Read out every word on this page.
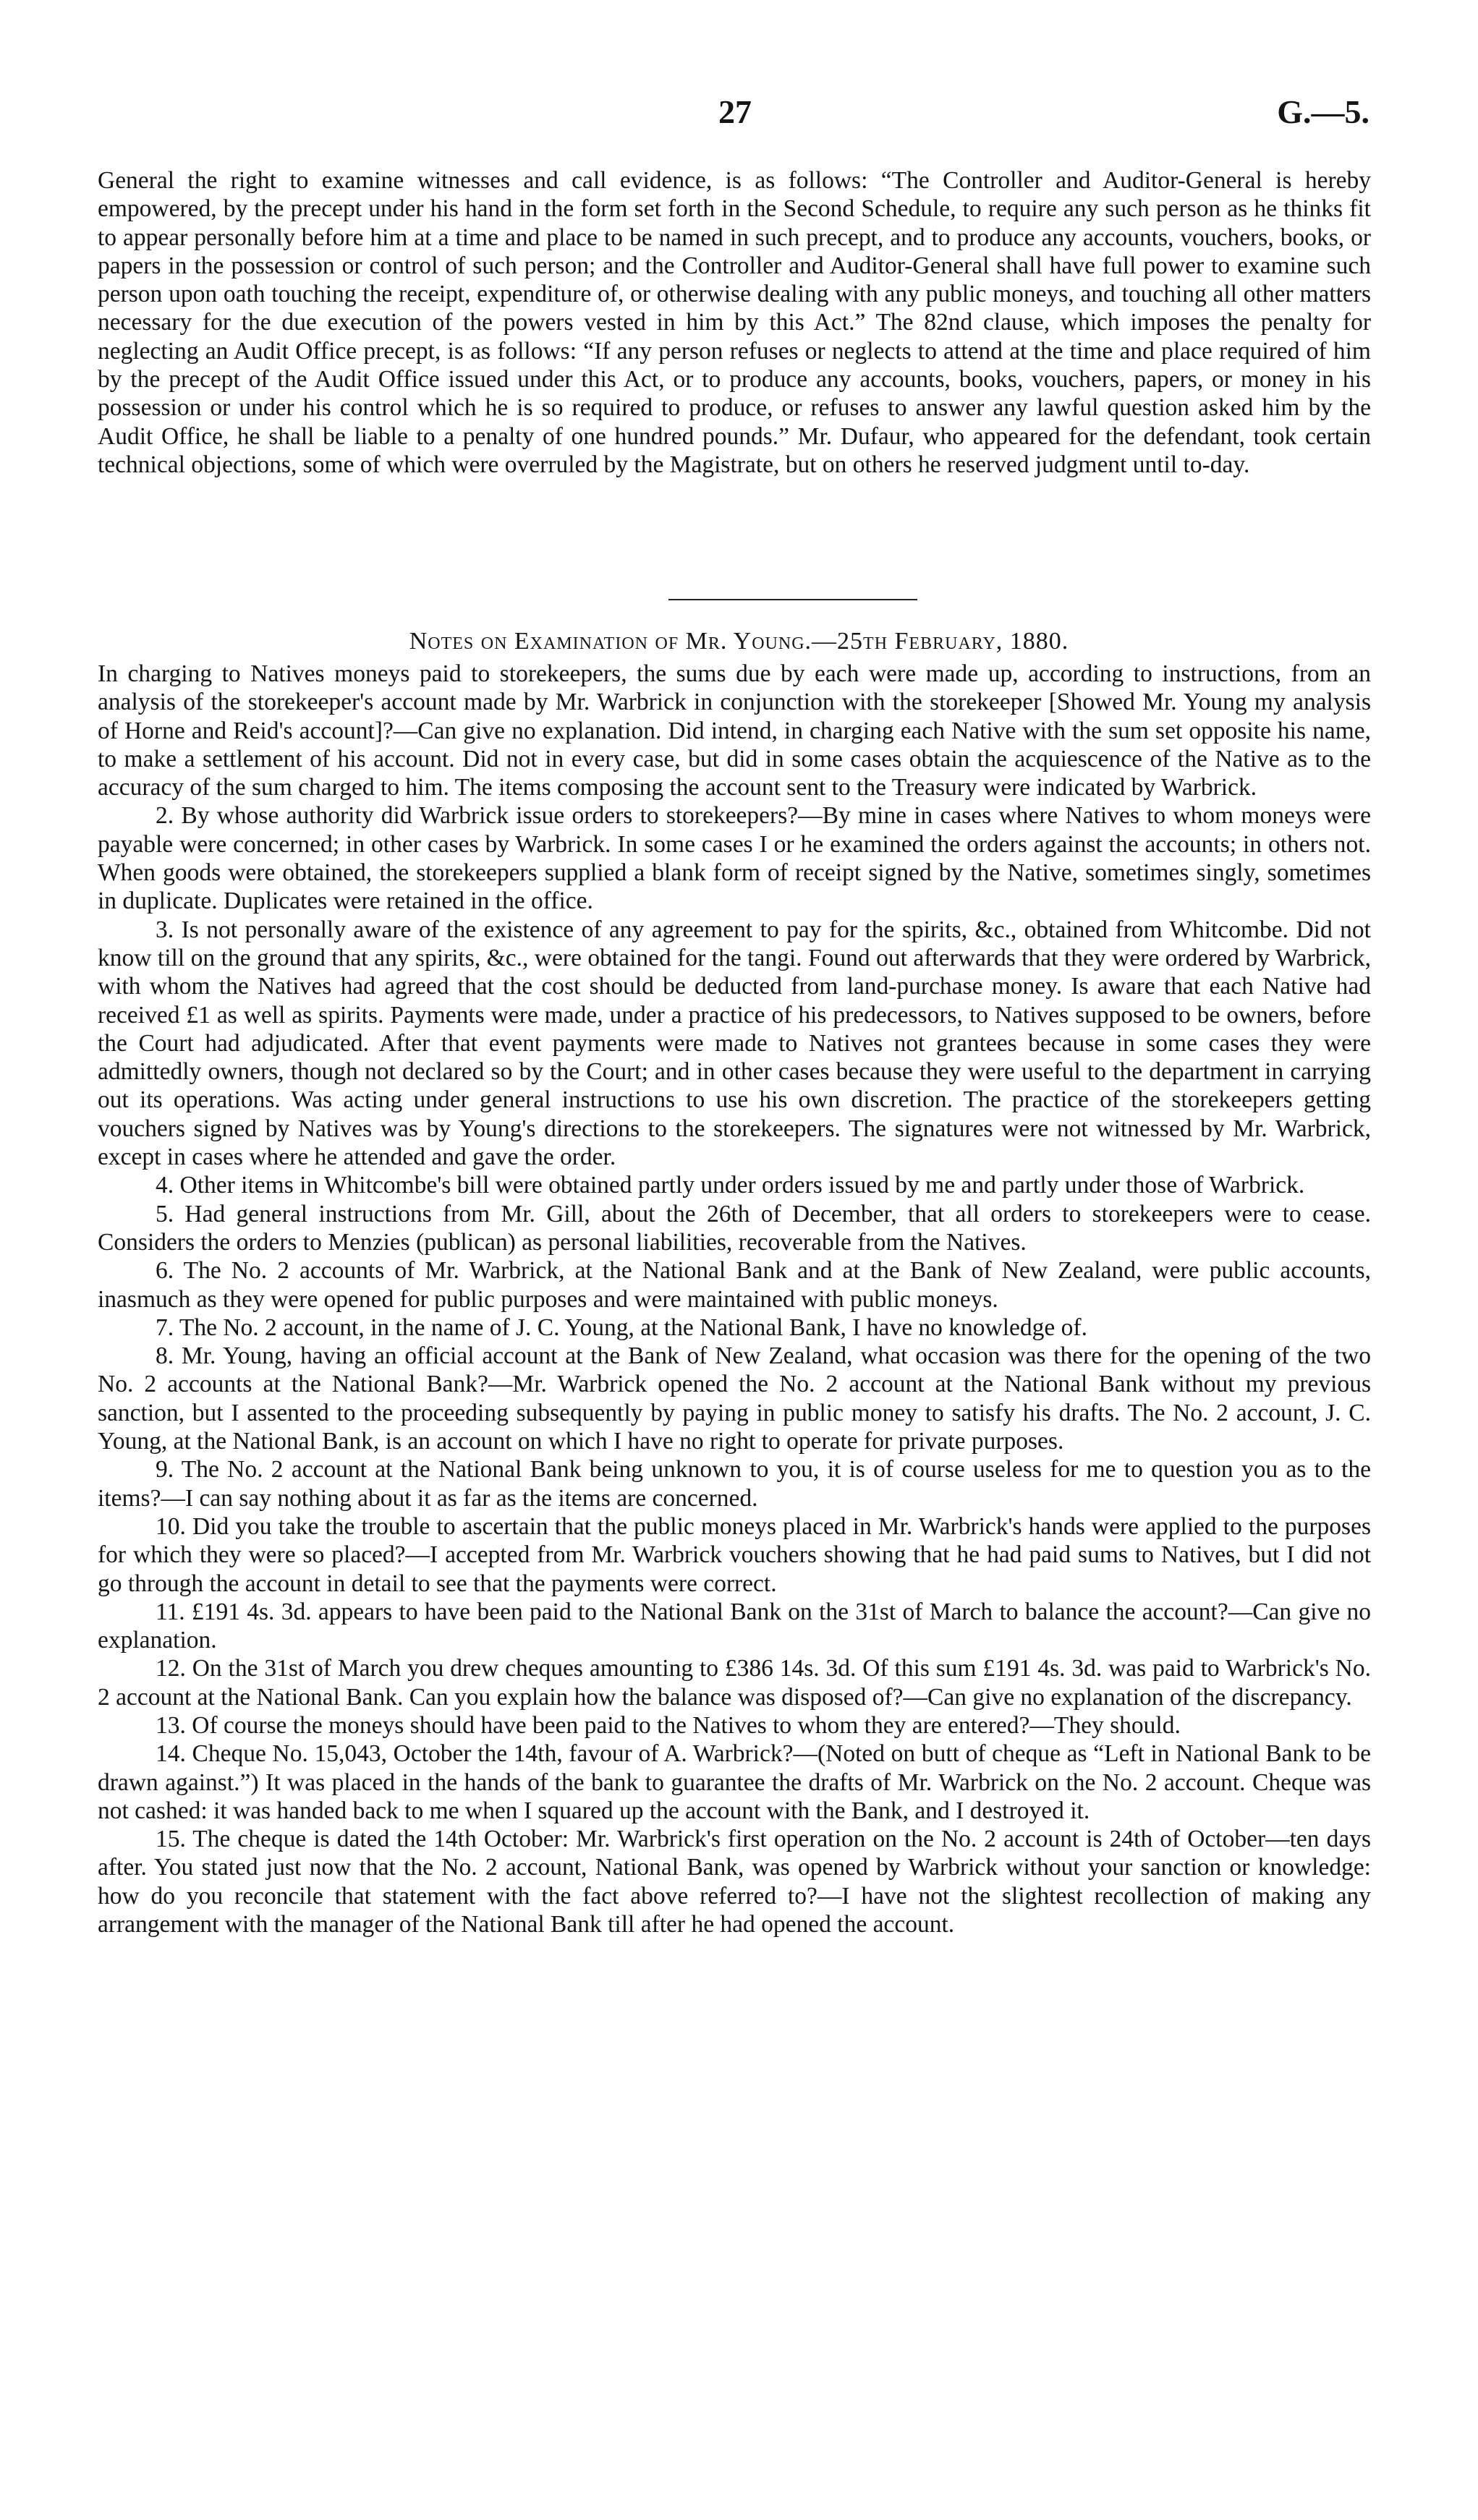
27	G.—5.

General the right to examine witnesses and call evidence, is as follows: “The Controller and Auditor-General is hereby empowered, by the precept under his hand in the form set forth in the Second Schedule, to require any such person as he thinks fit to appear personally before him at a time and place to be named in such precept, and to produce any accounts, vouchers, books, or papers in the possession or control of such person; and the Controller and Auditor-General shall have full power to examine such person upon oath touching the receipt, expenditure of, or otherwise dealing with any public moneys, and touching all other matters necessary for the due execution of the powers vested in him by this Act.” The 82nd clause, which imposes the penalty for neglecting an Audit Office precept, is as follows: “If any person refuses or neglects to attend at the time and place required of him by the precept of the Audit Office issued under this Act, or to produce any accounts, books, vouchers, papers, or money in his possession or under his control which he is so required to produce, or refuses to answer any lawful question asked him by the Audit Office, he shall be liable to a penalty of one hundred pounds.” Mr. Dufaur, who appeared for the defendant, took certain technical objections, some of which were overruled by the Magistrate, but on others he reserved judgment until to-day.

Notes on Examination of Mr. Young.—25th February, 1880.

In charging to Natives moneys paid to storekeepers, the sums due by each were made up, according to instructions, from an analysis of the storekeeper's account made by Mr. Warbrick in conjunction with the storekeeper [Showed Mr. Young my analysis of Horne and Reid's account]?—Can give no explanation. Did intend, in charging each Native with the sum set opposite his name, to make a settlement of his account. Did not in every case, but did in some cases obtain the acquiescence of the Native as to the accuracy of the sum charged to him. The items composing the account sent to the Treasury were indicated by Warbrick.

2. By whose authority did Warbrick issue orders to storekeepers?—By mine in cases where Natives to whom moneys were payable were concerned; in other cases by Warbrick. In some cases I or he examined the orders against the accounts; in others not. When goods were obtained, the storekeepers supplied a blank form of receipt signed by the Native, sometimes singly, sometimes in duplicate. Duplicates were retained in the office.

3. Is not personally aware of the existence of any agreement to pay for the spirits, &c., obtained from Whitcombe. Did not know till on the ground that any spirits, &c., were obtained for the tangi. Found out afterwards that they were ordered by Warbrick, with whom the Natives had agreed that the cost should be deducted from land-purchase money. Is aware that each Native had received £1 as well as spirits. Payments were made, under a practice of his predecessors, to Natives supposed to be owners, before the Court had adjudicated. After that event payments were made to Natives not grantees because in some cases they were admittedly owners, though not declared so by the Court; and in other cases because they were useful to the department in carrying out its operations. Was acting under general instructions to use his own discretion. The practice of the storekeepers getting vouchers signed by Natives was by Young's directions to the storekeepers. The signatures were not witnessed by Mr. Warbrick, except in cases where he attended and gave the order.

4. Other items in Whitcombe's bill were obtained partly under orders issued by me and partly under those of Warbrick.

5. Had general instructions from Mr. Gill, about the 26th of December, that all orders to storekeepers were to cease. Considers the orders to Menzies (publican) as personal liabilities, recoverable from the Natives.

6. The No. 2 accounts of Mr. Warbrick, at the National Bank and at the Bank of New Zealand, were public accounts, inasmuch as they were opened for public purposes and were maintained with public moneys.

7. The No. 2 account, in the name of J. C. Young, at the National Bank, I have no knowledge of.

8. Mr. Young, having an official account at the Bank of New Zealand, what occasion was there for the opening of the two No. 2 accounts at the National Bank?—Mr. Warbrick opened the No. 2 account at the National Bank without my previous sanction, but I assented to the proceeding subsequently by paying in public money to satisfy his drafts. The No. 2 account, J. C. Young, at the National Bank, is an account on which I have no right to operate for private purposes.

9. The No. 2 account at the National Bank being unknown to you, it is of course useless for me to question you as to the items?—I can say nothing about it as far as the items are concerned.

10. Did you take the trouble to ascertain that the public moneys placed in Mr. Warbrick's hands were applied to the purposes for which they were so placed?—I accepted from Mr. Warbrick vouchers showing that he had paid sums to Natives, but I did not go through the account in detail to see that the payments were correct.

11. £191 4s. 3d. appears to have been paid to the National Bank on the 31st of March to balance the account?—Can give no explanation.

12. On the 31st of March you drew cheques amounting to £386 14s. 3d. Of this sum £191 4s. 3d. was paid to Warbrick's No. 2 account at the National Bank. Can you explain how the balance was disposed of?—Can give no explanation of the discrepancy.

13. Of course the moneys should have been paid to the Natives to whom they are entered?—They should.

14. Cheque No. 15,043, October the 14th, favour of A. Warbrick?—(Noted on butt of cheque as “Left in National Bank to be drawn against.”) It was placed in the hands of the bank to guarantee the drafts of Mr. Warbrick on the No. 2 account. Cheque was not cashed: it was handed back to me when I squared up the account with the Bank, and I destroyed it.

15. The cheque is dated the 14th October: Mr. Warbrick's first operation on the No. 2 account is 24th of October—ten days after. You stated just now that the No. 2 account, National Bank, was opened by Warbrick without your sanction or knowledge: how do you reconcile that statement with the fact above referred to?—I have not the slightest recollection of making any arrangement with the manager of the National Bank till after he had opened the account.
